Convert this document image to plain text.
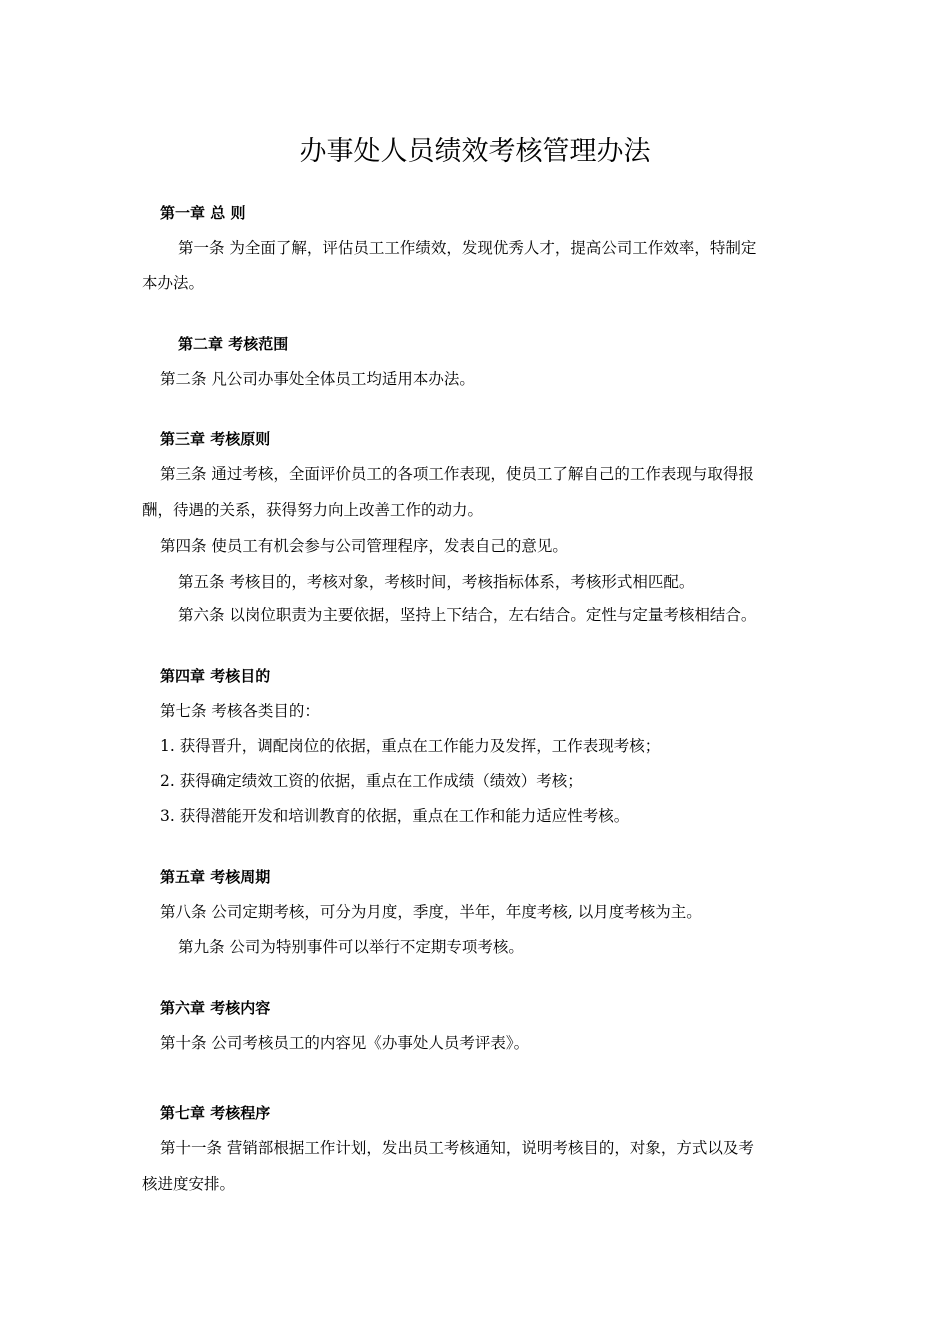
办事处人员绩效考核管理办法

第一章 总 则

第一条 为全面了解，评估员工工作绩效，发现优秀人才，提高公司工作效率，特制定

本办法。

第二章 考核范围

第二条 凡公司办事处全体员工均适用本办法。

第三章 考核原则

第三条 通过考核，全面评价员工的各项工作表现，使员工了解自己的工作表现与取得报

酬，待遇的关系，获得努力向上改善工作的动力。

第四条 使员工有机会参与公司管理程序，发表自己的意见。

第五条 考核目的，考核对象，考核时间，考核指标体系，考核形式相匹配。

第六条 以岗位职责为主要依据，坚持上下结合，左右结合。定性与定量考核相结合。

第四章 考核目的

第七条 考核各类目的：

1. 获得晋升，调配岗位的依据，重点在工作能力及发挥，工作表现考核；

2. 获得确定绩效工资的依据，重点在工作成绩（绩效）考核；

3. 获得潜能开发和培训教育的依据，重点在工作和能力适应性考核。

第五章 考核周期

第八条 公司定期考核，可分为月度，季度，半年，年度考核, 以月度考核为主。

第九条 公司为特别事件可以举行不定期专项考核。

第六章 考核内容

第十条 公司考核员工的内容见《办事处人员考评表》。

第七章 考核程序

第十一条 营销部根据工作计划，发出员工考核通知，说明考核目的，对象，方式以及考

核进度安排。
